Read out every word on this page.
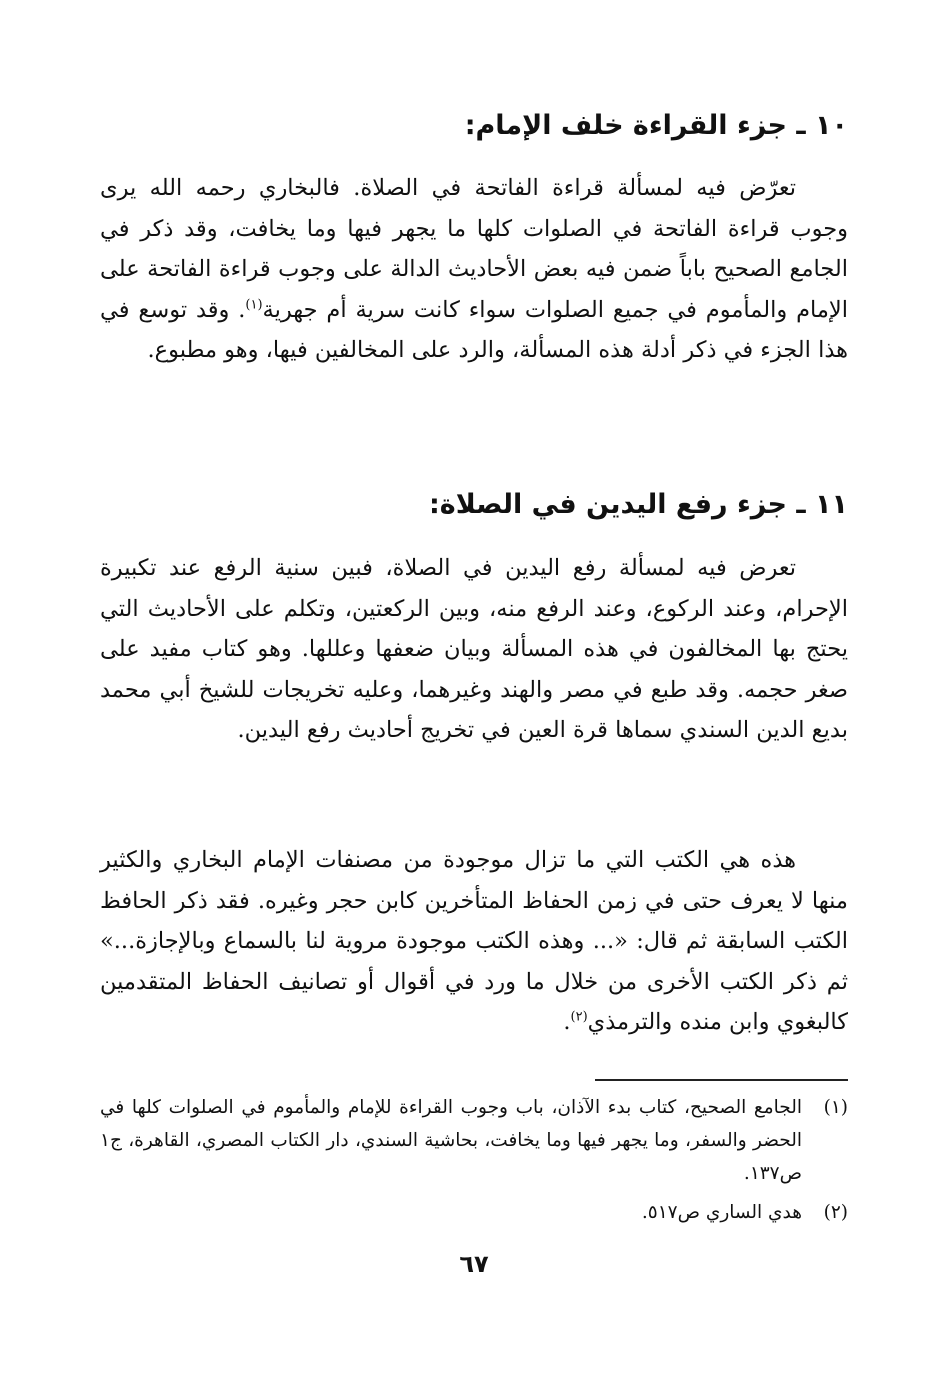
١٠ ـ جزء القراءة خلف الإمام:

تعرّض فيه لمسألة قراءة الفاتحة في الصلاة. فالبخاري رحمه الله يرى وجوب قراءة الفاتحة في الصلوات كلها ما يجهر فيها وما يخافت، وقد ذكر في الجامع الصحيح باباً ضمن فيه بعض الأحاديث الدالة على وجوب قراءة الفاتحة على الإمام والمأموم في جميع الصلوات سواء كانت سرية أم جهرية$^{(١)}$. وقد توسع في هذا الجزء في ذكر أدلة هذه المسألة، والرد على المخالفين فيها، وهو مطبوع.

١١ ـ جزء رفع اليدين في الصلاة:

تعرض فيه لمسألة رفع اليدين في الصلاة، فبين سنية الرفع عند تكبيرة الإحرام، وعند الركوع، وعند الرفع منه، وبين الركعتين، وتكلم على الأحاديث التي يحتج بها المخالفون في هذه المسألة وبيان ضعفها وعللها. وهو كتاب مفيد على صغر حجمه. وقد طبع في مصر والهند وغيرهما، وعليه تخريجات للشيخ أبي محمد بديع الدين السندي سماها قرة العين في تخريج أحاديث رفع اليدين.

هذه هي الكتب التي ما تزال موجودة من مصنفات الإمام البخاري والكثير منها لا يعرف حتى في زمن الحفاظ المتأخرين كابن حجر وغيره. فقد ذكر الحافظ الكتب السابقة ثم قال: «... وهذه الكتب موجودة مروية لنا بالسماع وبالإجازة...» ثم ذكر الكتب الأخرى من خلال ما ورد في أقوال أو تصانيف الحفاظ المتقدمين كالبغوي وابن منده والترمذي$^{(٢)}$.

(١)
الجامع الصحيح، كتاب بدء الآذان، باب وجوب القراءة للإمام والمأموم في الصلوات كلها في الحضر والسفر، وما يجهر فيها وما يخافت، بحاشية السندي، دار الكتاب المصري، القاهرة، ج١ ص١٣٧.
(٢)
هدي الساري ص٥١٧.
٦٧
